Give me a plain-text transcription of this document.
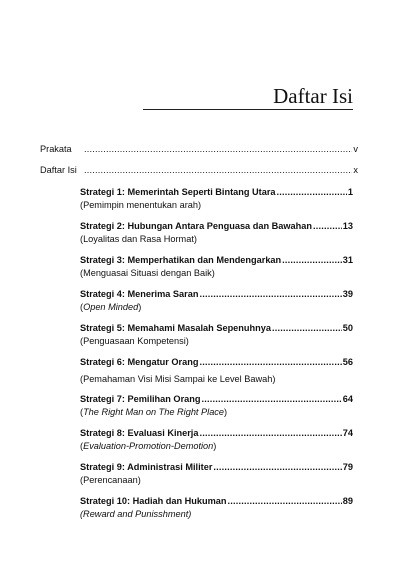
Daftar Isi
Prakata .....	v
Daftar Isi .....	x
Strategi 1: Memerintah Seperti Bintang Utara .....	1
(Pemimpin menentukan arah)
Strategi 2: Hubungan Antara Penguasa dan Bawahan .....	13
(Loyalitas dan Rasa Hormat)
Strategi 3: Memperhatikan dan Mendengarkan .....	31
(Menguasai Situasi dengan Baik)
Strategi 4: Menerima Saran .....	39
(Open Minded)
Strategi 5: Memahami Masalah Sepenuhnya .....	50
(Penguasaan Kompetensi)
Strategi 6: Mengatur Orang .....	56
(Pemahaman Visi Misi Sampai ke Level Bawah)
Strategi 7: Pemilihan Orang .....	64
(The Right Man on The Right Place)
Strategi 8: Evaluasi Kinerja .....	74
(Evaluation-Promotion-Demotion)
Strategi 9: Administrasi Militer .....	79
(Perencanaan)
Strategi 10: Hadiah dan Hukuman .....	89
(Reward and Punisshment)
